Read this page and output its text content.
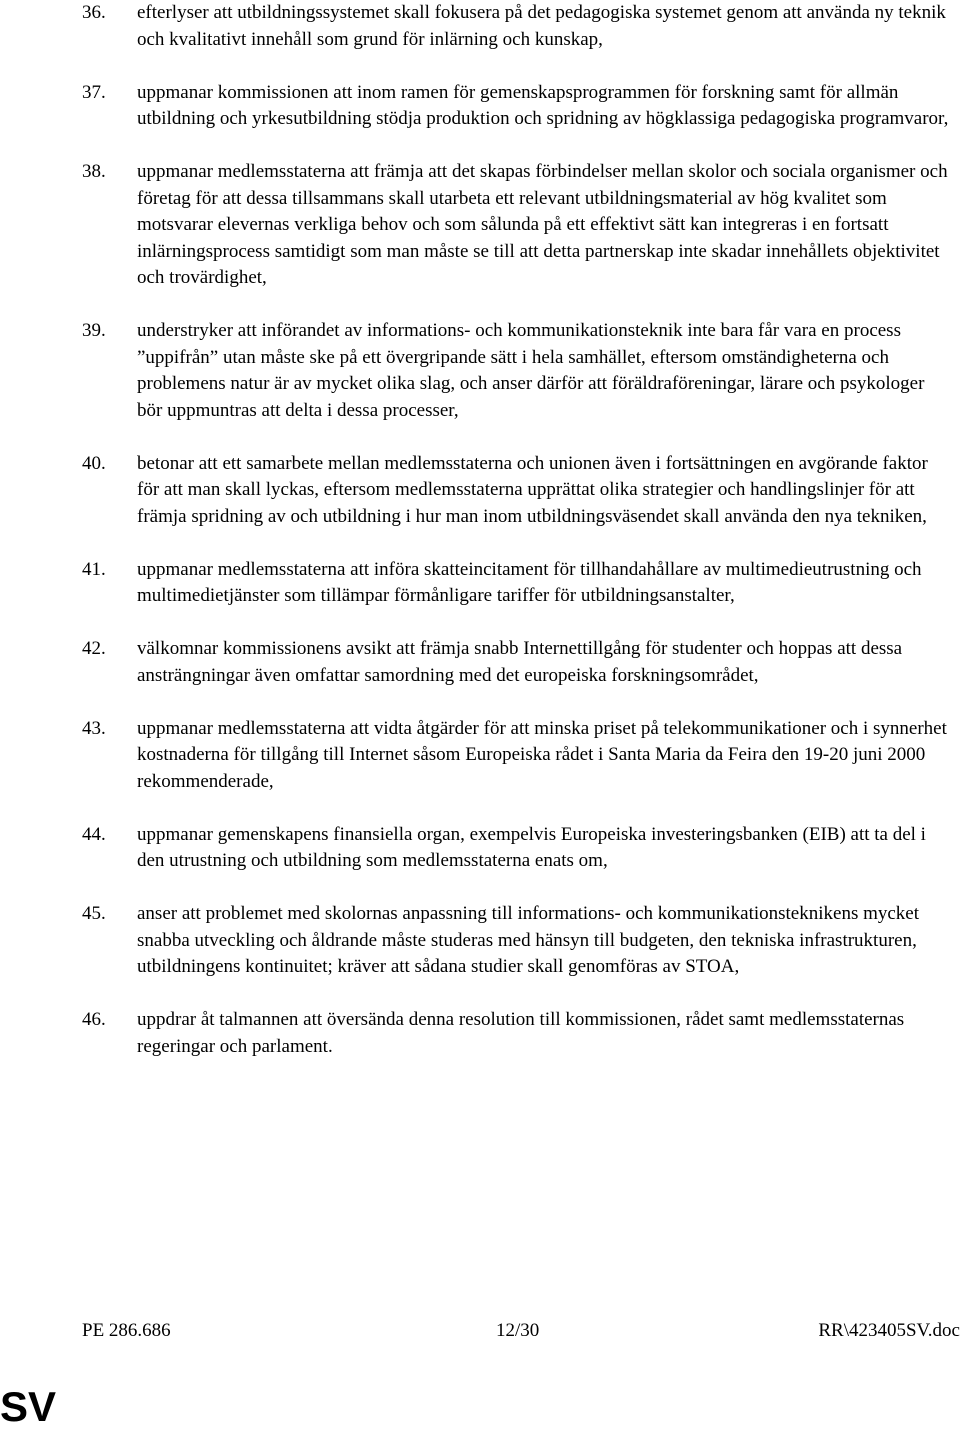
36.	efterlyser att utbildningssystemet skall fokusera på det pedagogiska systemet genom att använda ny teknik och kvalitativt innehåll som grund för inlärning och kunskap,
37.	uppmanar kommissionen att inom ramen för gemenskapsprogrammen för forskning samt för allmän utbildning och yrkesutbildning stödja produktion och spridning av högklassiga pedagogiska programvaror,
38.	uppmanar medlemsstaterna att främja att det skapas förbindelser mellan skolor och sociala organismer och företag för att dessa tillsammans skall utarbeta ett relevant utbildningsmaterial av hög kvalitet som motsvarar elevernas verkliga behov och som sålunda på ett effektivt sätt kan integreras i en fortsatt inlärningsprocess samtidigt som man måste se till att detta partnerskap inte skadar innehållets objektivitet och trovärdighet,
39.	understryker att införandet av informations- och kommunikationsteknik inte bara får vara en process ”uppifrån” utan måste ske på ett övergripande sätt i hela samhället, eftersom omständigheterna och problemens natur är av mycket olika slag, och anser därför att föräldraföreningar, lärare och psykologer bör uppmuntras att delta i dessa processer,
40.	betonar att ett samarbete mellan medlemsstaterna och unionen även i fortsättningen en avgörande faktor för att man skall lyckas, eftersom medlemsstaterna upprättat olika strategier och handlingslinjer för att främja spridning av och utbildning i hur man inom utbildningsväsendet skall använda den nya tekniken,
41.	uppmanar medlemsstaterna att införa skatteincitament för tillhandahållare av multimedieutrustning och multimedietjänster som tillämpar förmånligare tariffer för utbildningsanstalter,
42.	välkomnar kommissionens avsikt att främja snabb Internettillgång för studenter och hoppas att dessa ansträngningar även omfattar samordning med det europeiska forskningsområdet,
43.	uppmanar medlemsstaterna att vidta åtgärder för att minska priset på telekommunikationer och i synnerhet kostnaderna för tillgång till Internet såsom Europeiska rådet i Santa Maria da Feira den 19-20 juni 2000 rekommenderade,
44.	uppmanar gemenskapens finansiella organ, exempelvis Europeiska investeringsbanken (EIB) att ta del i den utrustning och utbildning som medlemsstaterna enats om,
45.	anser att problemet med skolornas anpassning till informations- och kommunikationsteknikens mycket snabba utveckling och åldrande måste studeras med hänsyn till budgeten, den tekniska infrastrukturen, utbildningens kontinuitet; kräver att sådana studier skall genomföras av STOA,
46.	uppdrar åt talmannen att översända denna resolution till kommissionen, rådet samt medlemsstaternas regeringar och parlament.
PE 286.686	12/30	RR\423405SV.doc
SV
